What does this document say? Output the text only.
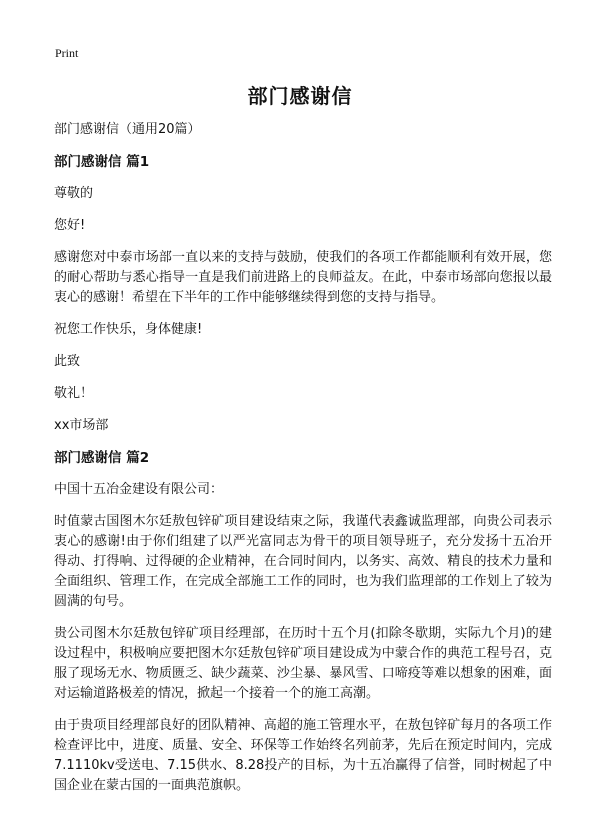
Print
部门感谢信

部门感谢信（通用20篇）

部门感谢信 篇1

尊敬的

您好!

感谢您对中泰市场部一直以来的支持与鼓励，使我们的各项工作都能顺利有效开展，您的耐心帮助与悉心指导一直是我们前进路上的良师益友。在此，中泰市场部向您报以最衷心的感谢！希望在下半年的工作中能够继续得到您的支持与指导。

祝您工作快乐，身体健康!

此致

敬礼！

xx市场部

部门感谢信 篇2

中国十五冶金建设有限公司：

时值蒙古国图木尔廷敖包锌矿项目建设结束之际，我谨代表鑫诚监理部，向贵公司表示衷心的感谢!由于你们组建了以严光富同志为骨干的项目领导班子，充分发扬十五冶开得动、打得响、过得硬的企业精神，在合同时间内，以务实、高效、精良的技术力量和全面组织、管理工作，在完成全部施工工作的同时，也为我们监理部的工作划上了较为圆满的句号。

贵公司图木尔廷敖包锌矿项目经理部，在历时十五个月(扣除冬歇期，实际九个月)的建设过程中，积极响应要把图木尔廷敖包锌矿项目建设成为中蒙合作的典范工程号召，克服了现场无水、物质匮乏、缺少蔬菜、沙尘暴、暴风雪、口啼疫等难以想象的困难，面对运输道路极差的情况，掀起一个接着一个的施工高潮。

由于贵项目经理部良好的团队精神、高超的施工管理水平，在敖包锌矿每月的各项工作检查评比中，进度、质量、安全、环保等工作始终名列前茅，先后在预定时间内，完成7.1110kv受送电、7.15供水、8.28投产的目标，为十五冶赢得了信誉，同时树起了中国企业在蒙古国的一面典范旗帜。
